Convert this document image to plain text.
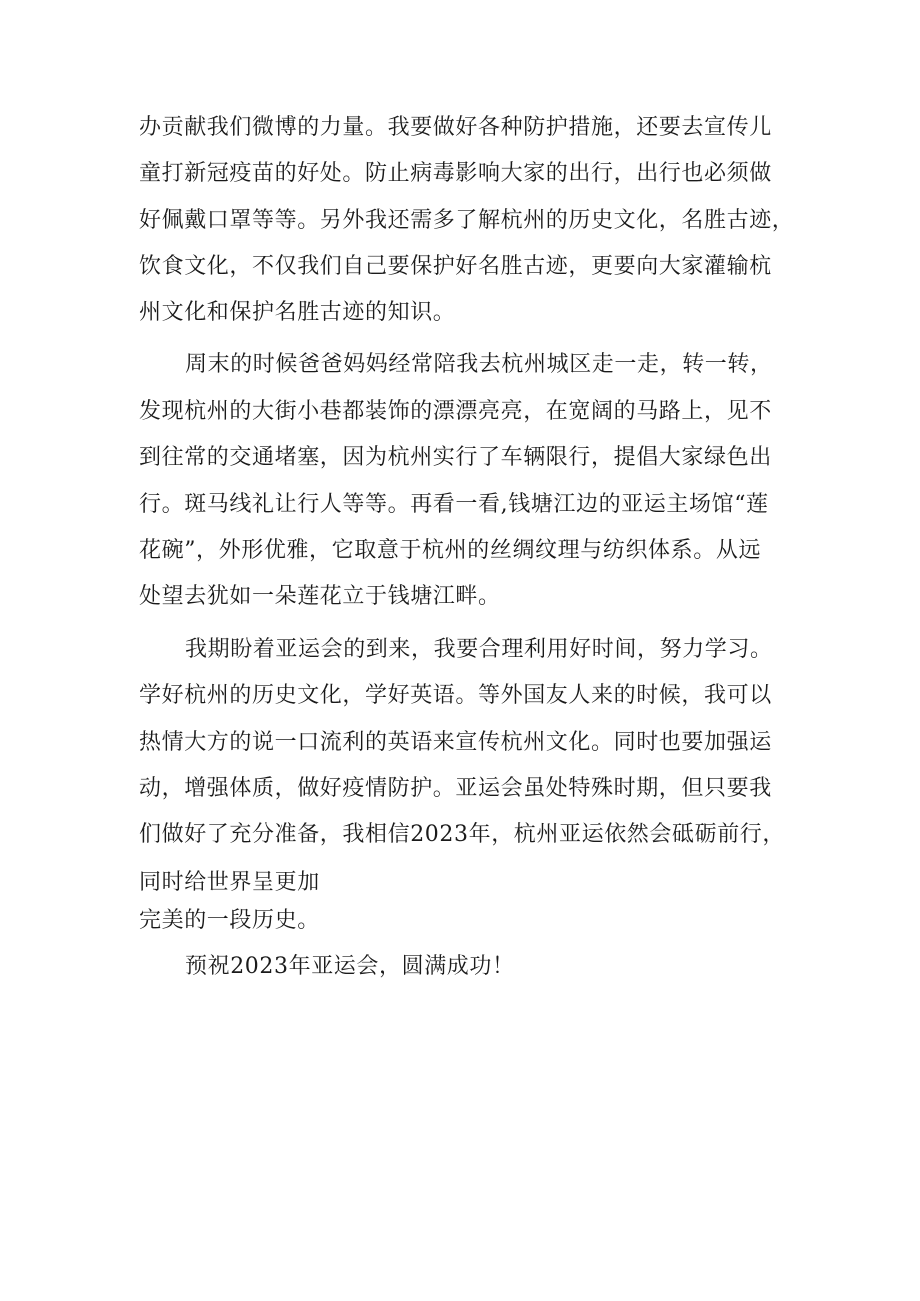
办贡献我们微博的力量。我要做好各种防护措施，还要去宣传儿

童打新冠疫苗的好处。防止病毒影响大家的出行，出行也必须做

好佩戴口罩等等。另外我还需多了解杭州的历史文化，名胜古迹，

饮食文化，不仅我们自己要保护好名胜古迹，更要向大家灌输杭

州文化和保护名胜古迹的知识。

周末的时候爸爸妈妈经常陪我去杭州城区走一走，转一转，

发现杭州的大街小巷都装饰的漂漂亮亮，在宽阔的马路上，见不

到往常的交通堵塞，因为杭州实行了车辆限行，提倡大家绿色出

行。斑马线礼让行人等等。再看一看,钱塘江边的亚运主场馆“莲

花碗”，外形优雅，它取意于杭州的丝绸纹理与纺织体系。从远

处望去犹如一朵莲花立于钱塘江畔。

我期盼着亚运会的到来，我要合理利用好时间，努力学习。

学好杭州的历史文化，学好英语。等外国友人来的时候，我可以

热情大方的说一口流利的英语来宣传杭州文化。同时也要加强运

动，增强体质，做好疫情防护。亚运会虽处特殊时期，但只要我

们做好了充分准备，我相信2023年，杭州亚运依然会砥砺前行，

同时给世界呈更加

完美的一段历史。

预祝2023年亚运会，圆满成功！
